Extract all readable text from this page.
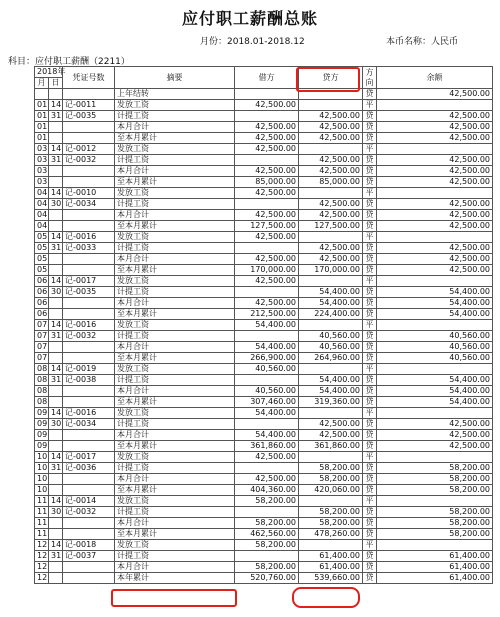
应付职工薪酬总账
月份：2018.01-2018.12	本币名称：人民币
科目：应付职工薪酬（2211）
2018年		凭证号数	摘要	借方	贷方	方向	余额
月	日						
			上年结转			贷	42,500.00
01	14	记-0011	发放工资	42,500.00		平	
01	31	记-0035	计提工资		42,500.00	贷	42,500.00
01			本月合计	42,500.00	42,500.00	贷	42,500.00
01			至本月累计	42,500.00	42,500.00	贷	42,500.00
03	14	记-0012	发放工资	42,500.00		平	
03	31	记-0032	计提工资		42,500.00	贷	42,500.00
03			本月合计	42,500.00	42,500.00	贷	42,500.00
03			至本月累计	85,000.00	85,000.00	贷	42,500.00
04	14	记-0010	发放工资	42,500.00		平	
04	30	记-0034	计提工资		42,500.00	贷	42,500.00
04			本月合计	42,500.00	42,500.00	贷	42,500.00
04			至本月累计	127,500.00	127,500.00	贷	42,500.00
05	14	记-0016	发放工资	42,500.00		平	
05	31	记-0033	计提工资		42,500.00	贷	42,500.00
05			本月合计	42,500.00	42,500.00	贷	42,500.00
05			至本月累计	170,000.00	170,000.00	贷	42,500.00
06	14	记-0017	发放工资	42,500.00		平	
06	30	记-0035	计提工资		54,400.00	贷	54,400.00
06			本月合计	42,500.00	54,400.00	贷	54,400.00
06			至本月累计	212,500.00	224,400.00	贷	54,400.00
07	14	记-0016	发放工资	54,400.00		平	
07	31	记-0032	计提工资		40,560.00	贷	40,560.00
07			本月合计	54,400.00	40,560.00	贷	40,560.00
07			至本月累计	266,900.00	264,960.00	贷	40,560.00
08	14	记-0019	发放工资	40,560.00		平	
08	31	记-0038	计提工资		54,400.00	贷	54,400.00
08			本月合计	40,560.00	54,400.00	贷	54,400.00
08			至本月累计	307,460.00	319,360.00	贷	54,400.00
09	14	记-0016	发放工资	54,400.00		平	
09	30	记-0034	计提工资		42,500.00	贷	42,500.00
09			本月合计	54,400.00	42,500.00	贷	42,500.00
09			至本月累计	361,860.00	361,860.00	贷	42,500.00
10	14	记-0017	发放工资	42,500.00		平	
10	31	记-0036	计提工资		58,200.00	贷	58,200.00
10			本月合计	42,500.00	58,200.00	贷	58,200.00
10			至本月累计	404,360.00	420,060.00	贷	58,200.00
11	14	记-0014	发放工资	58,200.00		平	
11	30	记-0032	计提工资		58,200.00	贷	58,200.00
11			本月合计	58,200.00	58,200.00	贷	58,200.00
11			至本月累计	462,560.00	478,260.00	贷	58,200.00
12	14	记-0018	发放工资	58,200.00		平	
12	31	记-0037	计提工资		61,400.00	贷	61,400.00
12			本月合计	58,200.00	61,400.00	贷	61,400.00
12			本年累计	520,760.00	539,660.00	贷	61,400.00
